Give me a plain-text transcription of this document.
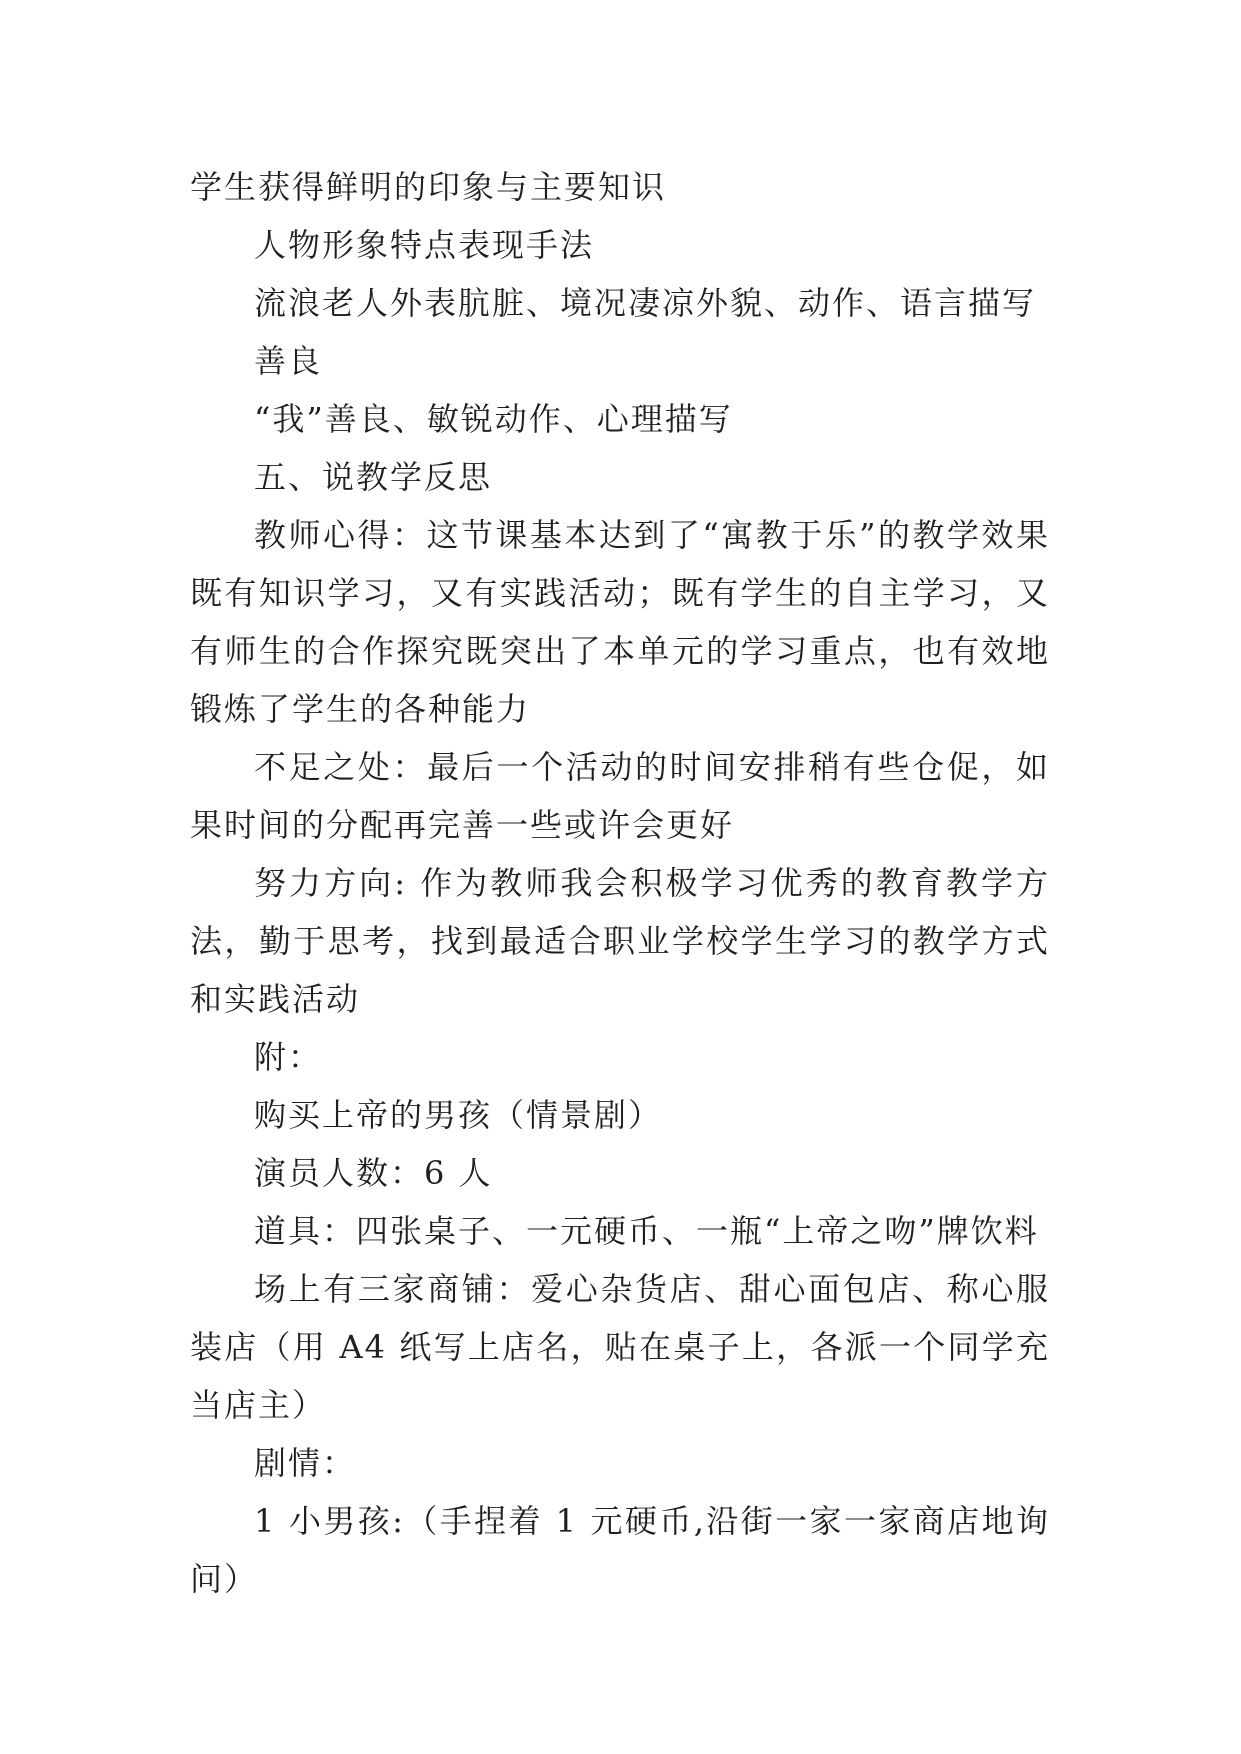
学生获得鲜明的印象与主要知识

人物形象特点表现手法

流浪老人外表肮脏、境况凄凉外貌、动作、语言描写

善良

“我”善良、敏锐动作、心理描写

五、说教学反思

教师心得：这节课基本达到了“寓教于乐”的教学效果既有知识学习，又有实践活动；既有学生的自主学习，又有师生的合作探究既突出了本单元的学习重点，也有效地锻炼了学生的各种能力

不足之处：最后一个活动的时间安排稍有些仓促，如果时间的分配再完善一些或许会更好

努力方向: 作为教师我会积极学习优秀的教育教学方法，勤于思考，找到最适合职业学校学生学习的教学方式和实践活动

附：

购买上帝的男孩（情景剧）

演员人数：6 人

道具：四张桌子、一元硬币、一瓶“上帝之吻”牌饮料

场上有三家商铺：爱心杂货店、甜心面包店、称心服装店（用 A4 纸写上店名，贴在桌子上，各派一个同学充当店主）

剧情：

1 小男孩:（手捏着 1 元硬币,沿街一家一家商店地询问）
